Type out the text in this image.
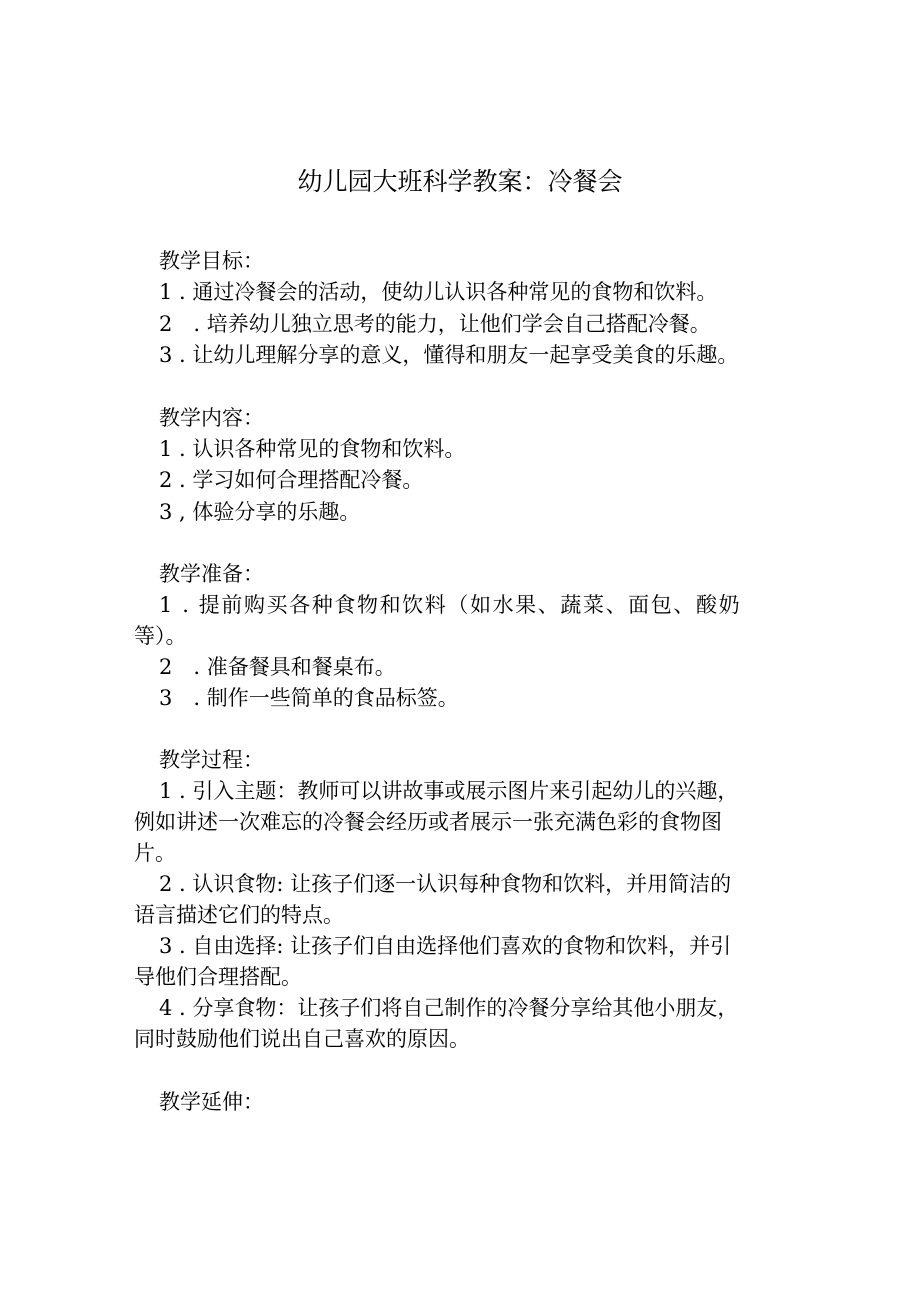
幼儿园大班科学教案：冷餐会
教学目标：
1 . 通过冷餐会的活动，使幼儿认识各种常见的食物和饮料。
2　. 培养幼儿独立思考的能力，让他们学会自己搭配冷餐。
3 . 让幼儿理解分享的意义，懂得和朋友一起享受美食的乐趣。
教学内容：
1 . 认识各种常见的食物和饮料。
2 . 学习如何合理搭配冷餐。
3 , 体验分享的乐趣。
教学准备：
1 . 提前购买各种食物和饮料（如水果、蔬菜、面包、酸奶
等）。
2　. 准备餐具和餐桌布。
3　. 制作一些简单的食品标签。
教学过程：
1 . 引入主题：教师可以讲故事或展示图片来引起幼儿的兴趣，
例如讲述一次难忘的冷餐会经历或者展示一张充满色彩的食物图
片。
2 . 认识食物: 让孩子们逐一认识每种食物和饮料，并用简洁的
语言描述它们的特点。
3 . 自由选择: 让孩子们自由选择他们喜欢的食物和饮料，并引
导他们合理搭配。
4 . 分享食物：让孩子们将自己制作的冷餐分享给其他小朋友，
同时鼓励他们说出自己喜欢的原因。
教学延伸：
